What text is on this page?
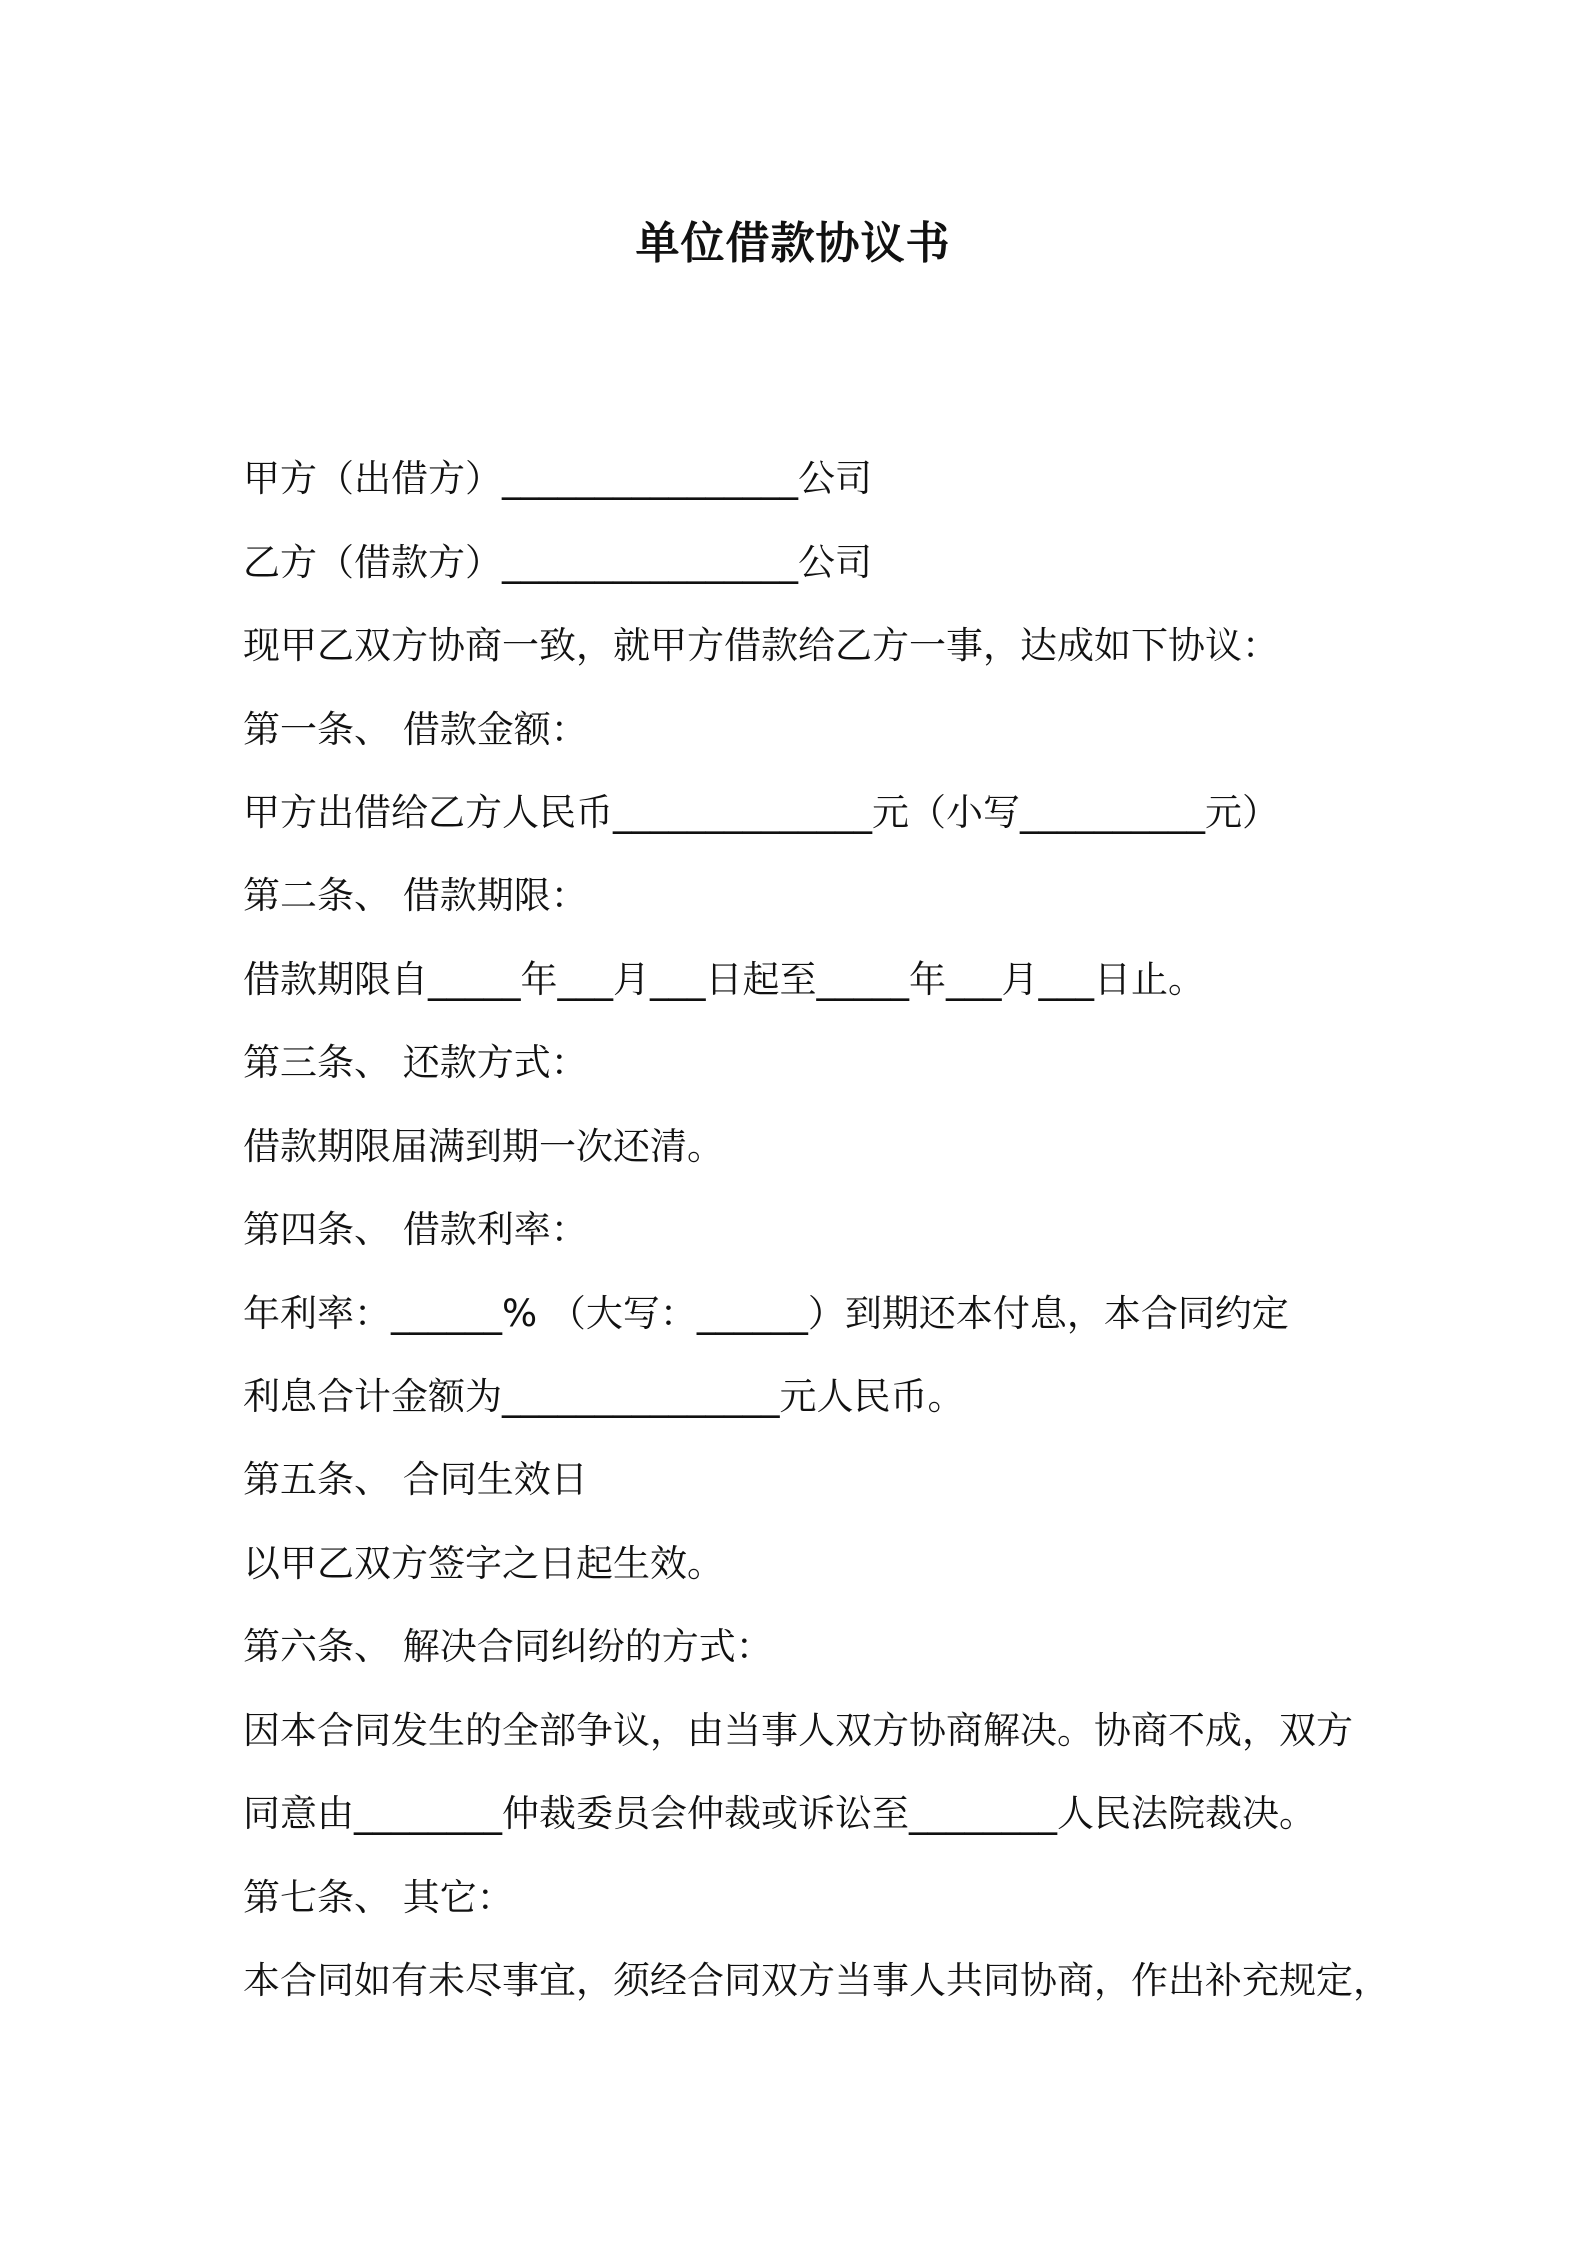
单位借款协议书
甲方（出借方）________________公司
乙方（借款方）________________公司
现甲乙双方协商一致，就甲方借款给乙方一事，达成如下协议：
第一条、 借款金额：
甲方出借给乙方人民币______________元（小写__________元）
第二条、 借款期限：
借款期限自_____年___月___日起至_____年___月___日止。
第三条、 还款方式：
借款期限届满到期一次还清。
第四条、 借款利率：
年利率：______% （大写：______）到期还本付息，本合同约定
利息合计金额为_______________元人民币。
第五条、 合同生效日
以甲乙双方签字之日起生效。
第六条、 解决合同纠纷的方式：
因本合同发生的全部争议，由当事人双方协商解决。协商不成，双方
同意由________仲裁委员会仲裁或诉讼至________人民法院裁决。
第七条、 其它：
本合同如有未尽事宜，须经合同双方当事人共同协商，作出补充规定，
